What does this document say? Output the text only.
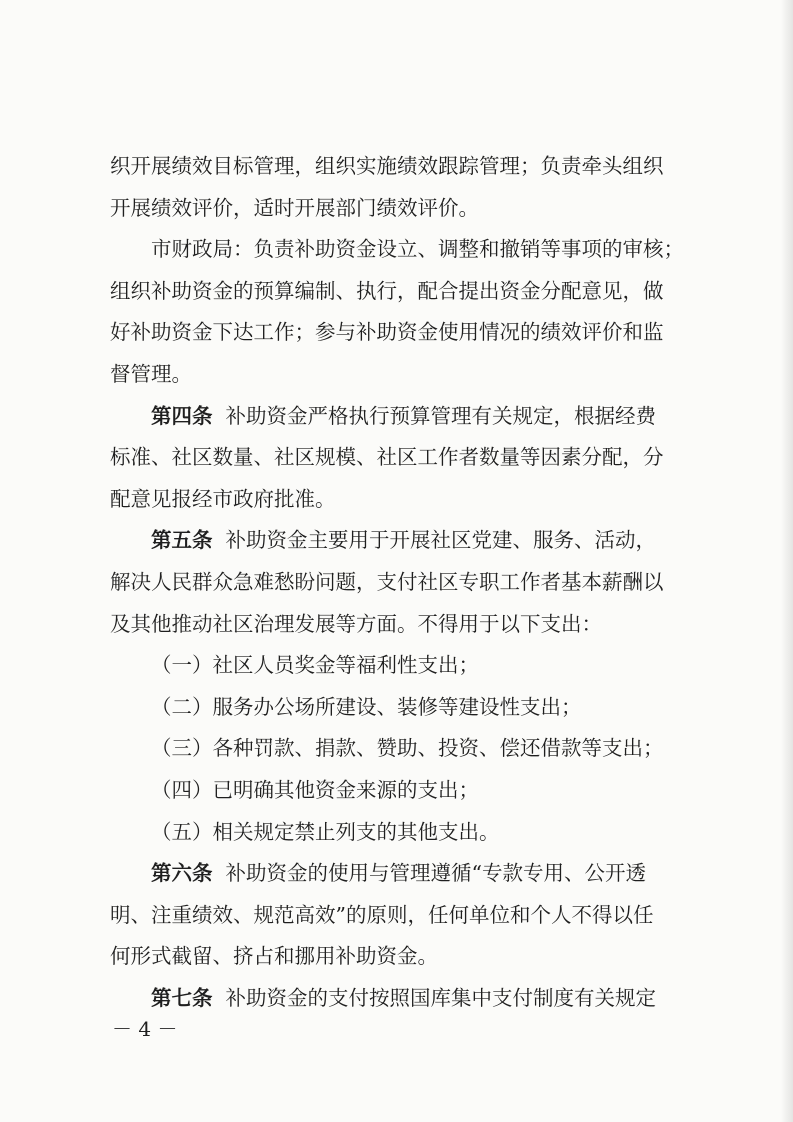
织开展绩效目标管理，组织实施绩效跟踪管理；负责牵头组织
开展绩效评价，适时开展部门绩效评价。
市财政局：负责补助资金设立、调整和撤销等事项的审核；
组织补助资金的预算编制、执行，配合提出资金分配意见，做
好补助资金下达工作；参与补助资金使用情况的绩效评价和监
督管理。
第四条 补助资金严格执行预算管理有关规定，根据经费
标准、社区数量、社区规模、社区工作者数量等因素分配，分
配意见报经市政府批准。
第五条 补助资金主要用于开展社区党建、服务、活动，
解决人民群众急难愁盼问题，支付社区专职工作者基本薪酬以
及其他推动社区治理发展等方面。不得用于以下支出：
（一）社区人员奖金等福利性支出；
（二）服务办公场所建设、装修等建设性支出；
（三）各种罚款、捐款、赞助、投资、偿还借款等支出；
（四）已明确其他资金来源的支出；
（五）相关规定禁止列支的其他支出。
第六条 补助资金的使用与管理遵循“专款专用、公开透
明、注重绩效、规范高效”的原则，任何单位和个人不得以任
何形式截留、挤占和挪用补助资金。
第七条 补助资金的支付按照国库集中支付制度有关规定
－ 4 －
